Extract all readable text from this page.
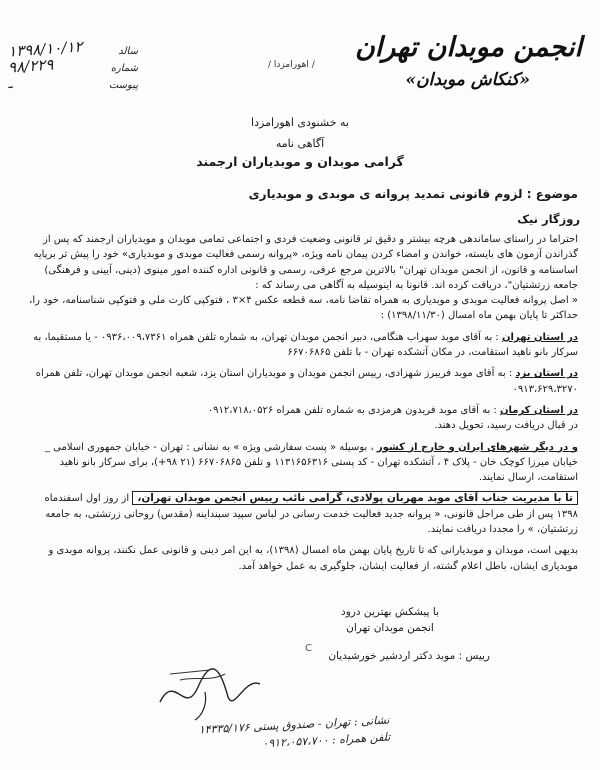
انجمن موبدان تهران
«کنکاش موبدان»
/ اهورامزدا /
سالد
۱۳۹۸/۱۰/۱۲
شماره
۹۸/۲۲۹
پیوست
ـ
به خشنودی اهورامزدا
آگاهی نامه
گرامی موبدان و موبدیاران ارجمند
موضوع : لزوم قانونی تمدید پروانه ی موبدی و موبدیاری
روزگار نیک

احتراما در راستای ساماندهی هرچه بیشتر و دقیق تر قانونی وضعیت فردی و اجتماعی تمامی موبدان و موبدیاران ارجمند که پس از گذراندن آزمون های بایسته، خواندن و امضاء کردن پیمان نامه ویژه، «پروانه رسمی فعالیت موبدی و موبدیاری» خود را پیش تر برپایه اساسنامه و قانون، از انجمن موبدان تهران" بالاترین مرجع عرفی، رسمی و قانونی اداره کننده امور مینوی (دینی، آیینی و فرهنگی) جامعه زرتشتیان"، دریافت کرده اند. قانونا به اینوسیله به آگاهی می رساند که :

« اصل پروانه فعالیت موبدی و موبدیاری به همراه تقاضا نامه، سه قطعه عکس ۴×۳ ، فتوکپی کارت ملی و فتوکپی شناسنامه، خود را، حداکثر تا پایان بهمن ماه امسال (۱۳۹۸/۱۱/۳۰) :

در استان تهران : به آقای موبد سهراب هنگامی، دبیر انجمن موبدان تهران، به شماره تلفن همراه ۰۹۳۶،۰۰۹،۷۳۶۱ - یا مستقیما، به سرکار بانو ناهید استقامت، در مکان آتشکده تهران - با تلفن ۶۶۷۰۶۸۶۵

در استان یزد : به آقای موبد فریبرز شهزادی، رییس انجمن موبدان و موبدیاران استان یزد، شعبه انجمن موبدان تهران، تلفن همراه ۰۹۱۳،۶۲۹،۳۲۷۰

در استان کرمان : به آقای موبد فریدون هرمزدی به شماره تلفن همراه ۰۹۱۲،۷۱۸،۰۵۲۶

در قبال دریافت رسید، تحویل دهند.

و در دیگر شهرهای ایران و خارج از کشور ، بوسیله « پست سفارشی ویژه » به نشانی : تهران - خیابان جمهوری اسلامی _ خیابان میرزا کوچک خان - پلاک ۴ ، آتشکده تهران - کد پستی ۱۱۳۱۶۵۶۳۱۶ و تلفن ۶۶۷۰۶۸۶۵ (۲۱ ۹۸+)، برای سرکار بانو ناهید استقامت، ارسال نمایند.

تا با مدیریت جناب آقای موبد مهربان پولادی، گرامی نائب رییس انجمن موبدان تهران، از روز اول اسفندماه ۱۳۹۸ پس از طی مراحل قانونی، « پروانه جدید فعالیت خدمت رسانی در لباس سپید سپنداینه (مقدس) روحانی زرتشتی، به جامعه زرتشتیان، » را مجددا دریافت نمایند.

بدیهی است، موبدان و موبدیارانی که تا تاریخ پایان بهمن ماه امسال (۱۳۹۸)، به این امر دینی و قانونی عمل نکنند، پروانه موبدی و موبدیاری ایشان، باطل اعلام گشته، از فعالیت ایشان، جلوگیری به عمل خواهد آمد.

با پیشکش بهترین درود
انجمن موبدان تهران
رییس : موبد دکتر اردشیر خورشیدیان
C
نشانی : تهران - صندوق پستی ۱۴۳۳۵/۱۷۶
تلفن همراه : ۰۹۱۲،۰۵۷،۷۰۰
